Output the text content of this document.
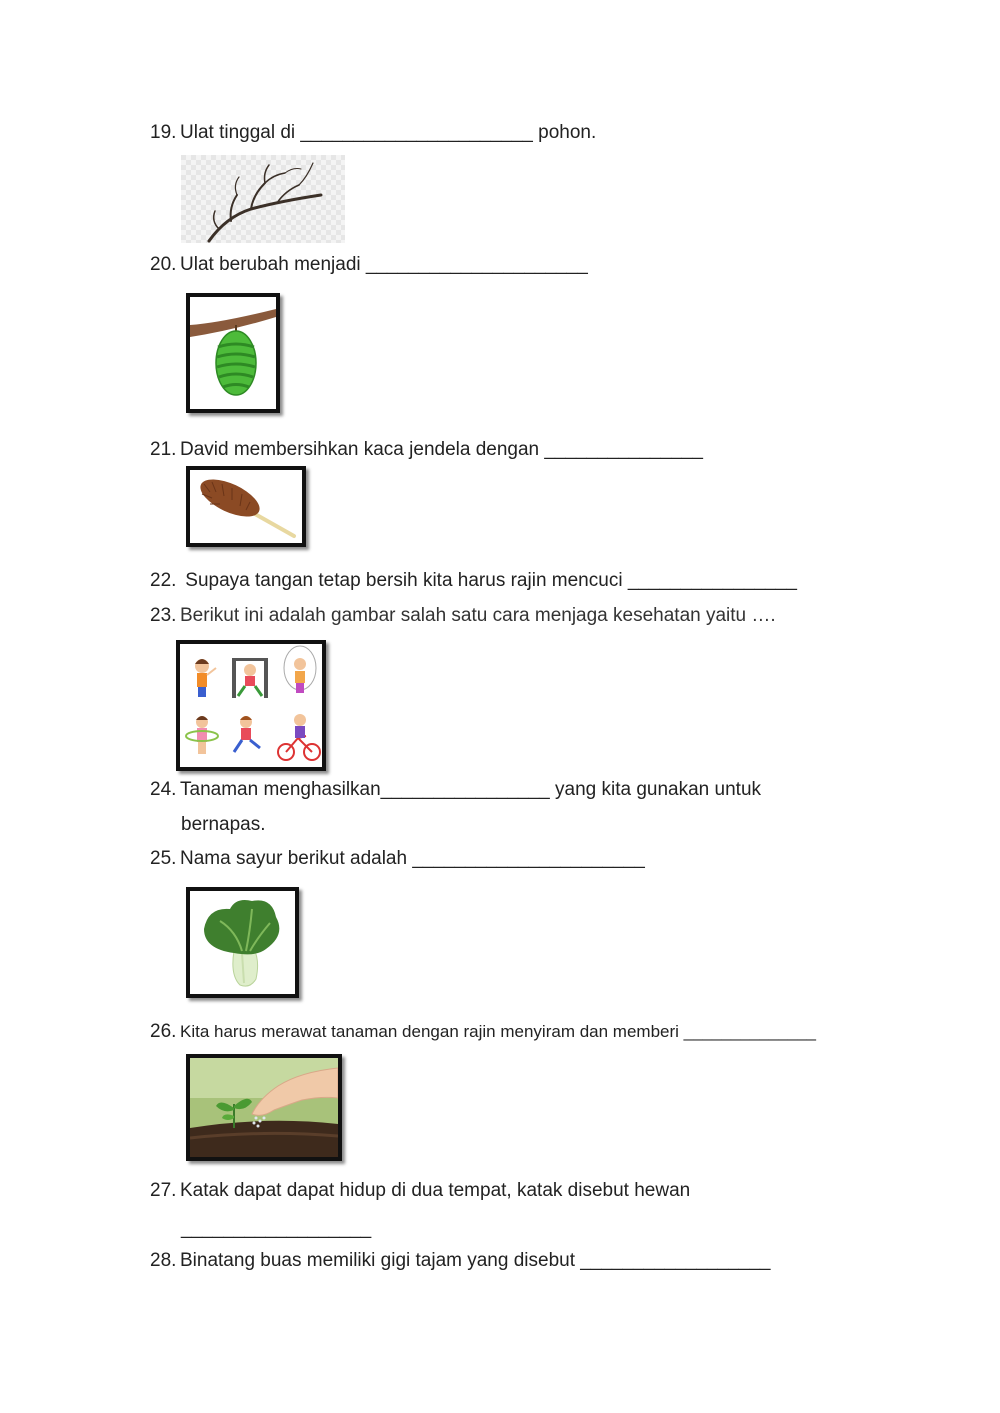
19. Ulat tinggal di ______________________ pohon.
20. Ulat berubah menjadi _____________________
21. David membersihkan kaca jendela dengan _______________
22. Supaya tangan tetap bersih kita harus rajin mencuci ________________
23. Berikut ini adalah gambar salah satu cara menjaga kesehatan yaitu ….
24. Tanaman menghasilkan________________ yang kita gunakan untuk
bernapas.
25. Nama sayur berikut adalah ______________________
26. Kita harus merawat tanaman dengan rajin menyiram dan memberi ______________
27. Katak dapat dapat hidup di dua tempat, katak disebut hewan
__________________
28. Binatang buas memiliki gigi tajam yang disebut __________________
